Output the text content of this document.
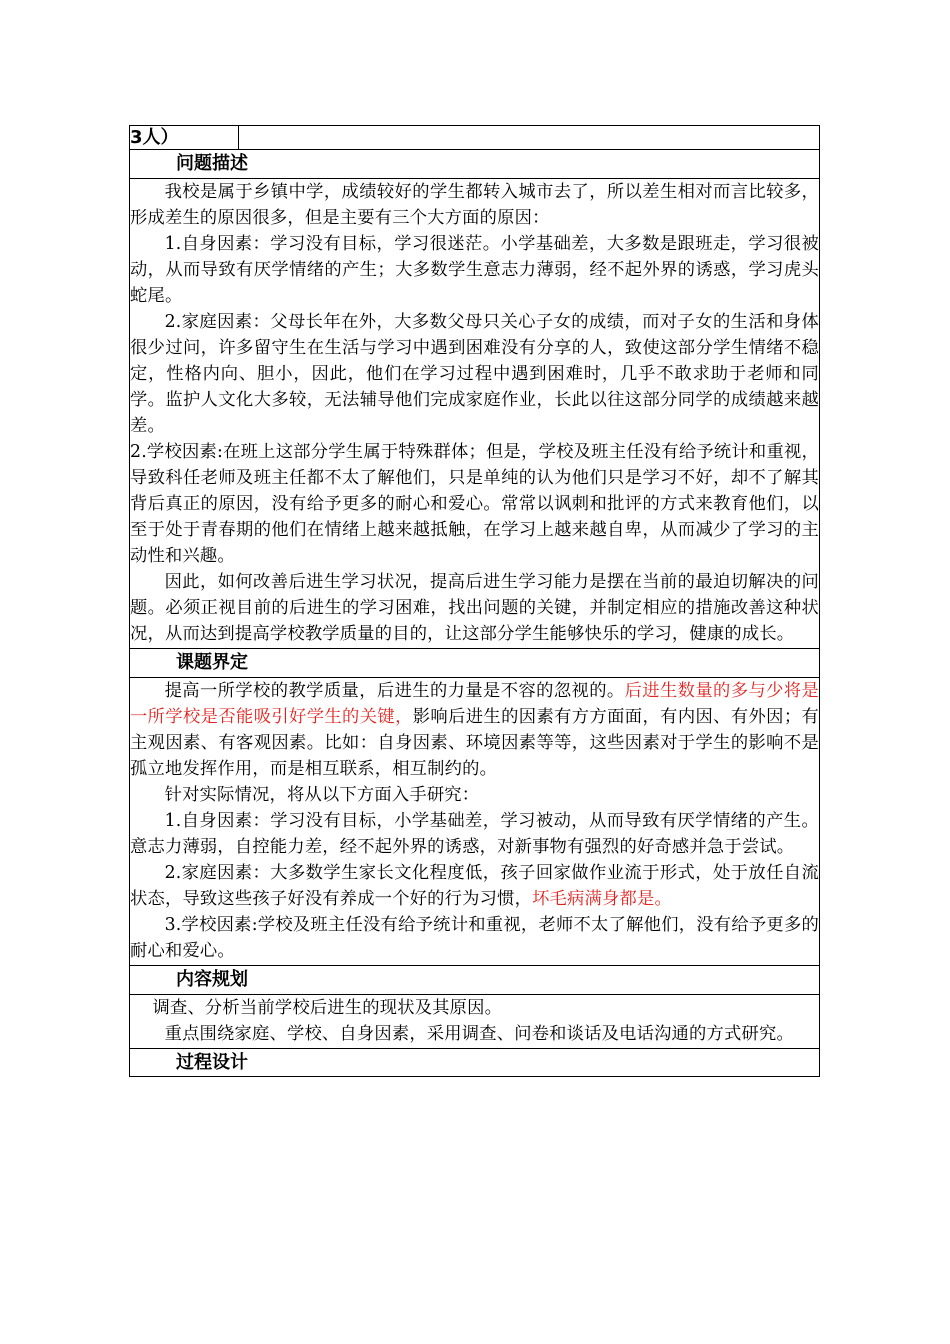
3人）
问题描述

我校是属于乡镇中学，成绩较好的学生都转入城市去了，所以差生相对而言比较多，形成差生的原因很多，但是主要有三个大方面的原因：

1.自身因素：学习没有目标，学习很迷茫。小学基础差，大多数是跟班走，学习很被动，从而导致有厌学情绪的产生；大多数学生意志力薄弱，经不起外界的诱惑，学习虎头蛇尾。

2.家庭因素：父母长年在外，大多数父母只关心子女的成绩，而对子女的生活和身体很少过问，许多留守生在生活与学习中遇到困难没有分享的人，致使这部分学生情绪不稳定，性格内向、胆小，因此，他们在学习过程中遇到困难时，几乎不敢求助于老师和同学。监护人文化大多较，无法辅导他们完成家庭作业，长此以往这部分同学的成绩越来越差。

2.学校因素:在班上这部分学生属于特殊群体；但是，学校及班主任没有给予统计和重视，导致科任老师及班主任都不太了解他们，只是单纯的认为他们只是学习不好，却不了解其背后真正的原因，没有给予更多的耐心和爱心。常常以讽刺和批评的方式来教育他们，以至于处于青春期的他们在情绪上越来越抵触，在学习上越来越自卑，从而减少了学习的主动性和兴趣。

因此，如何改善后进生学习状况，提高后进生学习能力是摆在当前的最迫切解决的问题。必须正视目前的后进生的学习困难，找出问题的关键，并制定相应的措施改善这种状况，从而达到提高学校教学质量的目的，让这部分学生能够快乐的学习，健康的成长。

课题界定

提高一所学校的教学质量，后进生的力量是不容的忽视的。后进生数量的多与少将是一所学校是否能吸引好学生的关键，影响后进生的因素有方方面面，有内因、有外因；有主观因素、有客观因素。比如：自身因素、环境因素等等，这些因素对于学生的影响不是孤立地发挥作用，而是相互联系，相互制约的。

针对实际情况，将从以下方面入手研究：

1.自身因素：学习没有目标，小学基础差，学习被动，从而导致有厌学情绪的产生。意志力薄弱，自控能力差，经不起外界的诱惑，对新事物有强烈的好奇感并急于尝试。

2.家庭因素：大多数学生家长文化程度低，孩子回家做作业流于形式，处于放任自流状态，导致这些孩子好没有养成一个好的行为习惯，坏毛病满身都是。

3.学校因素:学校及班主任没有给予统计和重视，老师不太了解他们，没有给予更多的耐心和爱心。

内容规划

调查、分析当前学校后进生的现状及其原因。

重点围绕家庭、学校、自身因素，采用调查、问卷和谈话及电话沟通的方式研究。

过程设计
